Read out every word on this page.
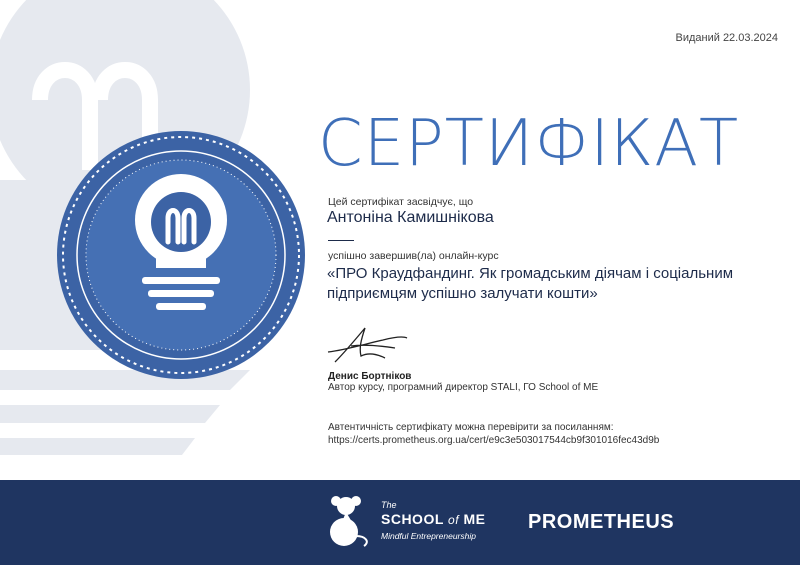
Виданий 22.03.2024
СЕРТИФІКАТ
Цей сертифікат засвідчує, що
Антоніна Камишнікова
успішно завершив(ла) онлайн-курс
«ПРО Краудфандинг. Як громадським діячам і соціальним підприємцям успішно залучати кошти»
Денис Бортніков
Автор курсу, програмний директор STALI, ГО School of ME
Автентичність сертифікату можна перевірити за посиланням:
https://certs.prometheus.org.ua/cert/e9c3e503017544cb9f301016fec43d9b
The
SCHOOL of ME
Mindful Entrepreneurship
PROMETHEUS
